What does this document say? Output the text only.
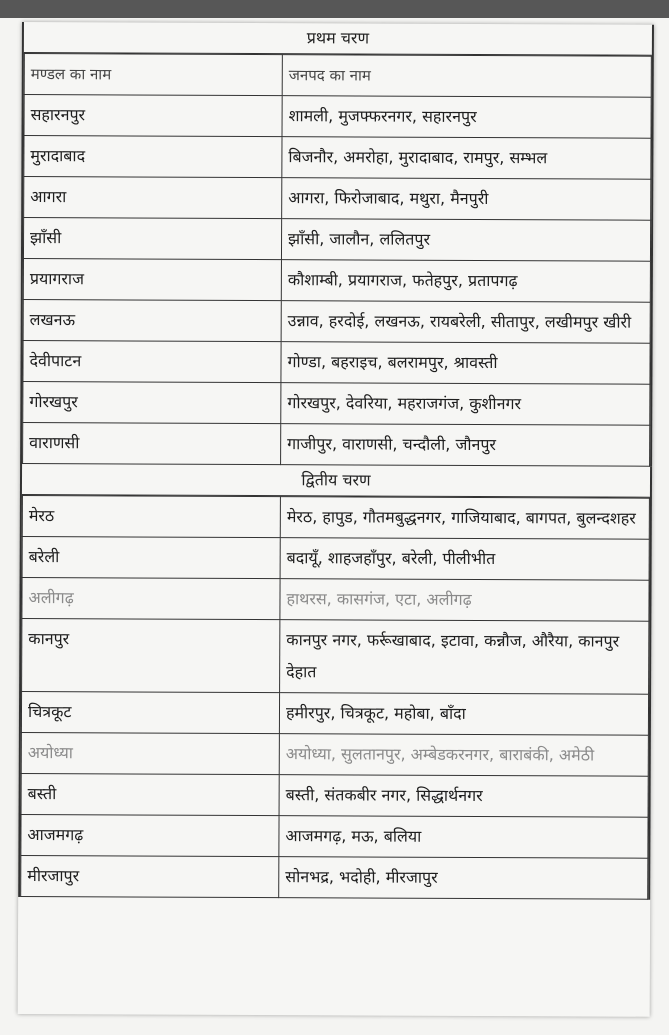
प्रथम चरण
मण्डल का नाम	जनपद का नाम
सहारनपुर	शामली, मुजफ्फरनगर, सहारनपुर
मुरादाबाद	बिजनौर, अमरोहा, मुरादाबाद, रामपुर, सम्भल
आगरा	आगरा, फिरोजाबाद, मथुरा, मैनपुरी
झाँसी	झाँसी, जालौन, ललितपुर
प्रयागराज	कौशाम्बी, प्रयागराज, फतेहपुर, प्रतापगढ़
लखनऊ	उन्नाव, हरदोई, लखनऊ, रायबरेली, सीतापुर, लखीमपुर खीरी
देवीपाटन	गोण्डा, बहराइच, बलरामपुर, श्रावस्ती
गोरखपुर	गोरखपुर, देवरिया, महराजगंज, कुशीनगर
वाराणसी	गाजीपुर, वाराणसी, चन्दौली, जौनपुर
द्वितीय चरण
मेरठ	मेरठ, हापुड, गौतमबुद्धनगर, गाजियाबाद, बागपत, बुलन्दशहर
बरेली	बदायूँ, शाहजहाँपुर, बरेली, पीलीभीत
अलीगढ़	हाथरस, कासगंज, एटा, अलीगढ़
कानपुर	कानपुर नगर, फर्रूखाबाद, इटावा, कन्नौज, औरैया, कानपुर देहात
चित्रकूट	हमीरपुर, चित्रकूट, महोबा, बाँदा
अयोध्या	अयोध्या, सुलतानपुर, अम्बेडकरनगर, बाराबंकी, अमेठी
बस्ती	बस्ती, संतकबीर नगर, सिद्धार्थनगर
आजमगढ़	आजमगढ़, मऊ, बलिया
मीरजापुर	सोनभद्र, भदोही, मीरजापुर
